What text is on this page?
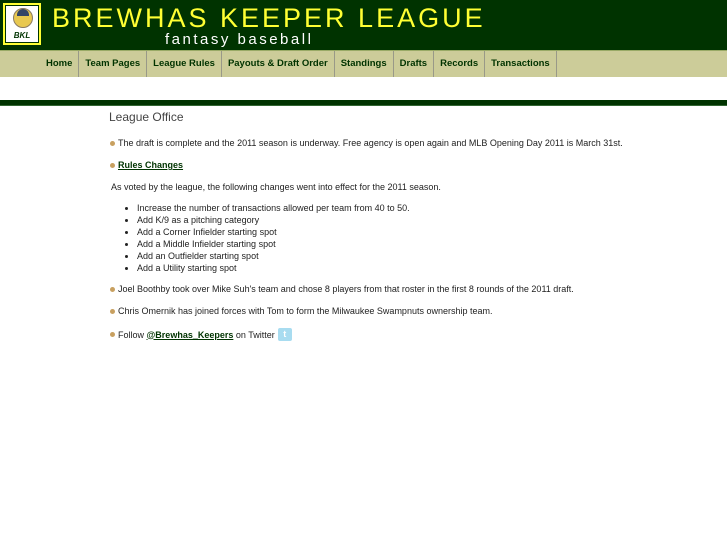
BKL
BREWHAS KEEPER LEAGUE
fantasy baseball
Home	Team Pages	League Rules	Payouts & Draft Order	Standings	Drafts	Records	Transactions
League Office
The draft is complete and the 2011 season is underway. Free agency is open again and MLB Opening Day 2011 is March 31st.
Rules Changes
As voted by the league, the following changes went into effect for the 2011 season.
• Increase the number of transactions allowed per team from 40 to 50.
• Add K/9 as a pitching category
• Add a Corner Infielder starting spot
• Add a Middle Infielder starting spot
• Add an Outfielder starting spot
• Add a Utility starting spot
Joel Boothby took over Mike Suh's team and chose 8 players from that roster in the first 8 rounds of the 2011 draft.
Chris Omernik has joined forces with Tom to form the Milwaukee Swampnuts ownership team.
Follow
@Brewhas_Keepers
on Twitter t
